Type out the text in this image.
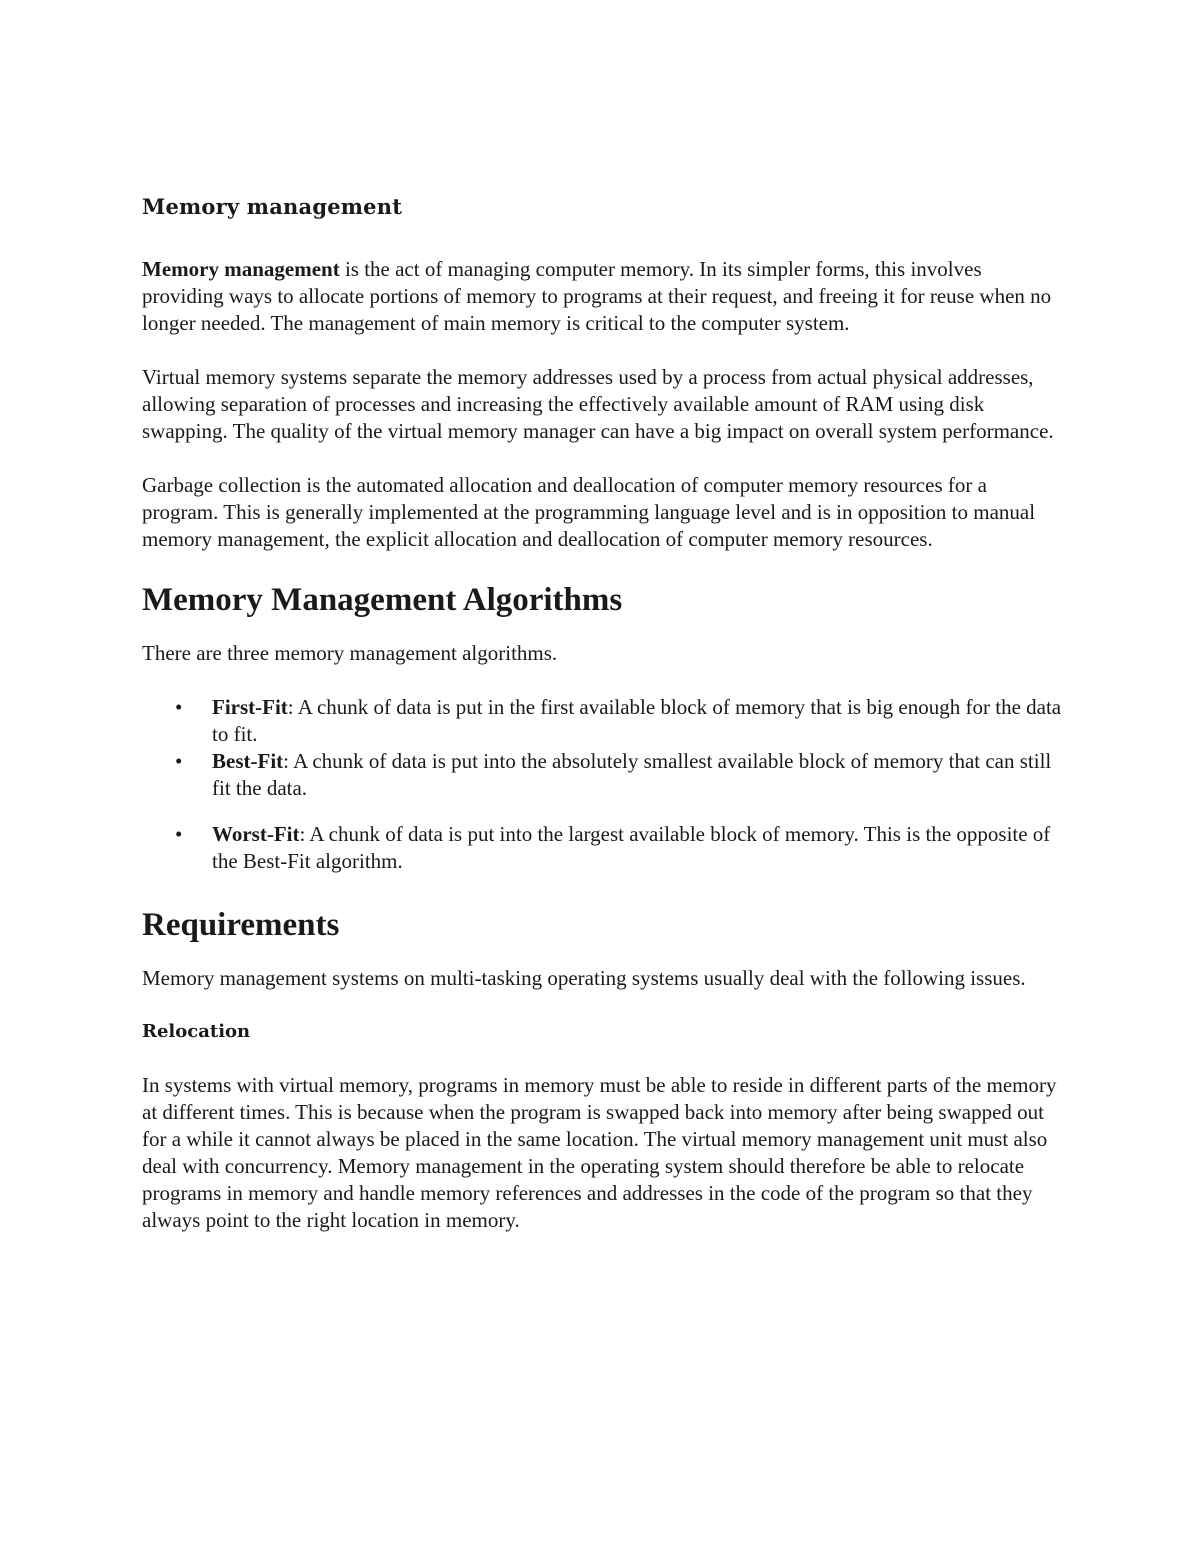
Memory management

Memory management is the act of managing computer memory. In its simpler forms, this involves providing ways to allocate portions of memory to programs at their request, and freeing it for reuse when no longer needed. The management of main memory is critical to the computer system.

Virtual memory systems separate the memory addresses used by a process from actual physical addresses, allowing separation of processes and increasing the effectively available amount of RAM using disk swapping. The quality of the virtual memory manager can have a big impact on overall system performance.

Garbage collection is the automated allocation and deallocation of computer memory resources for a program. This is generally implemented at the programming language level and is in opposition to manual memory management, the explicit allocation and deallocation of computer memory resources.

Memory Management Algorithms

There are three memory management algorithms.

• First-Fit: A chunk of data is put in the first available block of memory that is big enough for the data to fit.
• Best-Fit: A chunk of data is put into the absolutely smallest available block of memory that can still fit the data.
• Worst-Fit: A chunk of data is put into the largest available block of memory. This is the opposite of the Best-Fit algorithm.

Requirements

Memory management systems on multi-tasking operating systems usually deal with the following issues.

Relocation

In systems with virtual memory, programs in memory must be able to reside in different parts of the memory at different times. This is because when the program is swapped back into memory after being swapped out for a while it cannot always be placed in the same location. The virtual memory management unit must also deal with concurrency. Memory management in the operating system should therefore be able to relocate programs in memory and handle memory references and addresses in the code of the program so that they always point to the right location in memory.
